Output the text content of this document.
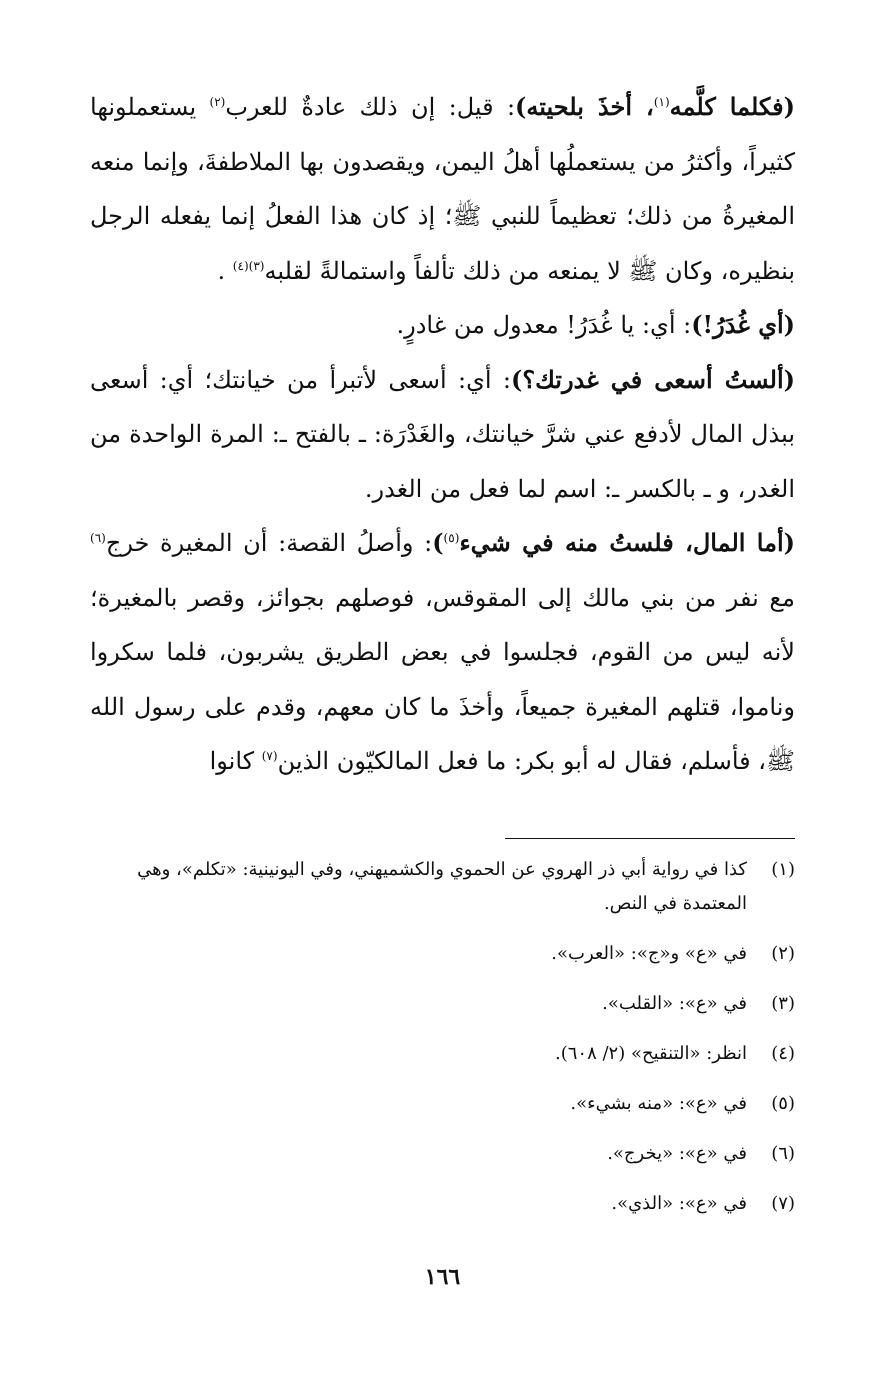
(فكلما كلَّمه$^{(١)}$، أخذَ بلحيته): قيل: إن ذلك عادةٌ للعرب$^{(٢)}$ يستعملونها كثيراً، وأكثرُ من يستعملُها أهلُ اليمن، ويقصدون بها الملاطفةَ، وإنما منعه المغيرةُ من ذلك؛ تعظيماً للنبي ﷺ؛ إذ كان هذا الفعلُ إنما يفعله الرجل بنظيره، وكان ﷺ لا يمنعه من ذلك تألفاً واستمالةً لقلبه$^{(٣)(٤)}$ .

(أي غُدَرُ!): أي: يا غُدَرُ! معدول من غادرٍ.

(ألستُ أسعى في غدرتك؟): أي: أسعى لأتبرأ من خيانتك؛ أي: أسعى ببذل المال لأدفع عني شرَّ خيانتك، والغَدْرَة: ـ بالفتح ـ: المرة الواحدة من الغدر، و ـ بالكسر ـ: اسم لما فعل من الغدر.

(أما المال، فلستُ منه في شيء$^{(٥)}$): وأصلُ القصة: أن المغيرة خرج$^{(٦)}$ مع نفر من بني مالك إلى المقوقس، فوصلهم بجوائز، وقصر بالمغيرة؛ لأنه ليس من القوم، فجلسوا في بعض الطريق يشربون، فلما سكروا وناموا، قتلهم المغيرة جميعاً، وأخذَ ما كان معهم، وقدم على رسول الله ﷺ، فأسلم، فقال له أبو بكر: ما فعل المالكيّون الذين$^{(٧)}$ كانوا

(١)
كذا في رواية أبي ذر الهروي عن الحموي والكشميهني، وفي اليونينية: «تكلم»، وهي المعتمدة في النص.
(٢)
في «ع» و«ج»: «العرب».
(٣)
في «ع»: «القلب».
(٤)
انظر: «التنقيح» (٢/ ٦٠٨).
(٥)
في «ع»: «منه بشيء».
(٦)
في «ع»: «يخرج».
(٧)
في «ع»: «الذي».
١٦٦
